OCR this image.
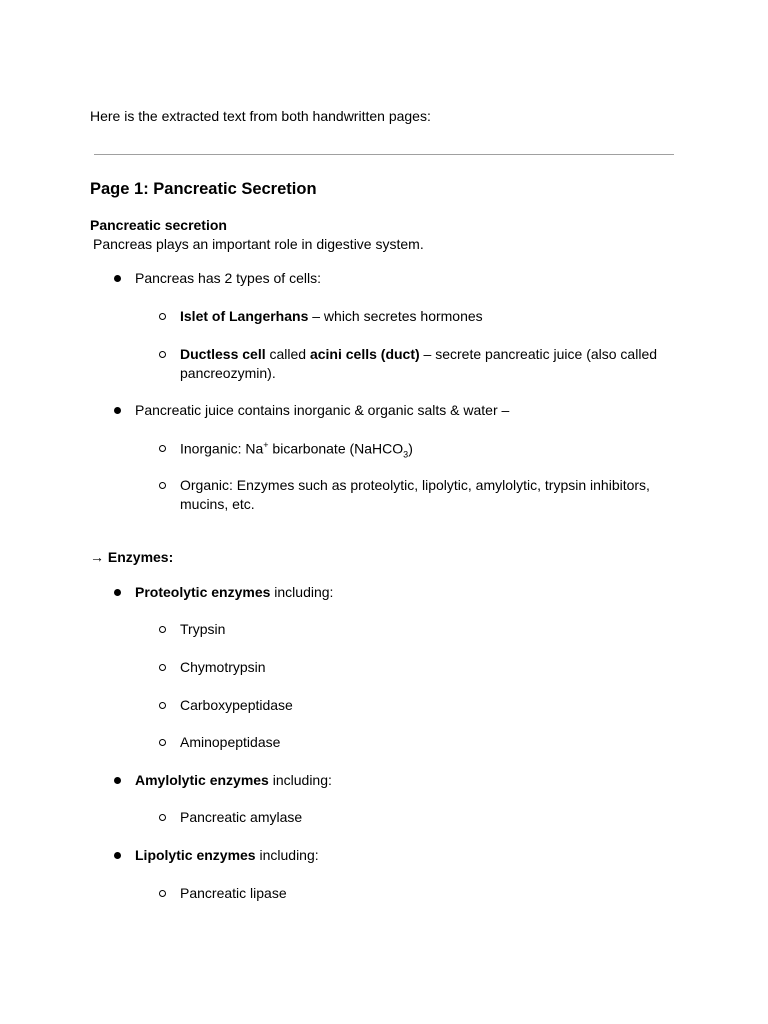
Here is the extracted text from both handwritten pages:
Page 1: Pancreatic Secretion
Pancreatic secretion
Pancreas plays an important role in digestive system.
Pancreas has 2 types of cells:
Islet of Langerhans – which secretes hormones
Ductless cell called acini cells (duct) – secrete pancreatic juice (also called
pancreozymin).
Pancreatic juice contains inorganic & organic salts & water –
Inorganic: Na+ bicarbonate (NaHCO$_3$)
Organic: Enzymes such as proteolytic, lipolytic, amylolytic, trypsin inhibitors,
mucins, etc.
→ Enzymes:
Proteolytic enzymes including:
Trypsin
Chymotrypsin
Carboxypeptidase
Aminopeptidase
Amylolytic enzymes including:
Pancreatic amylase
Lipolytic enzymes including:
Pancreatic lipase
